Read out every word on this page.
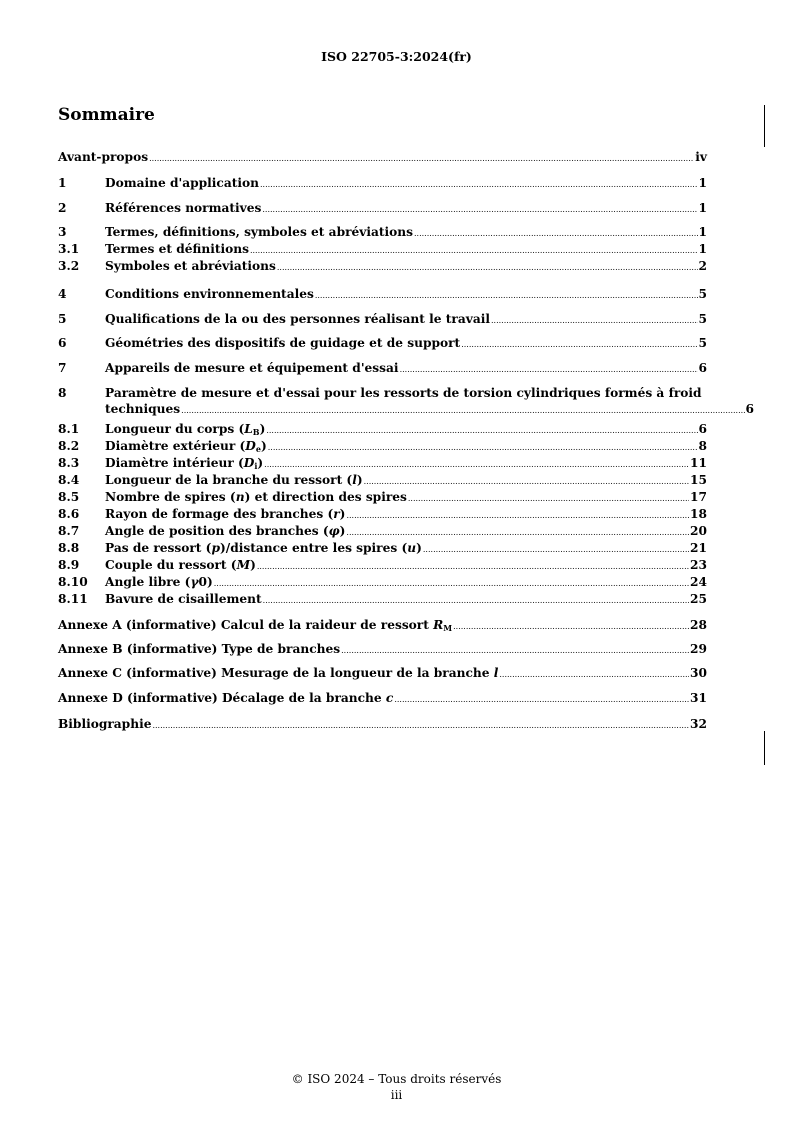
ISO 22705-3:2024(fr)
Sommaire
Avant-propos .....	iv
1	Domaine d'application .....	1
2	Références normatives .....	1
3	Termes, définitions, symboles et abréviations .....	1
3.1	Termes et définitions .....	1
3.2	Symboles et abréviations .....	2
4	Conditions environnementales .....	5
5	Qualifications de la ou des personnes réalisant le travail .....	5
6	Géométries des dispositifs de guidage et de support .....	5
7	Appareils de mesure et équipement d'essai .....	6
8	Paramètre de mesure et d'essai pour les ressorts de torsion cylindriques formés à froid
techniques .....	6
8.1	Longueur du corps $(L_B)$ .....	6
8.2	Diamètre extérieur $(D_e)$ .....	8
8.3	Diamètre intérieur $(D_i)$ .....	11
8.4	Longueur de la branche du ressort (l) .....	15
8.5	Nombre de spires (n) et direction des spires .....	17
8.6	Rayon de formage des branches (r) .....	18
8.7	Angle de position des branches (φ) .....	20
8.8	Pas de ressort (p)/distance entre les spires (u) .....	21
8.9	Couple du ressort (M) .....	23
8.10	Angle libre (γ0) .....	24
8.11	Bavure de cisaillement .....	25
Annexe A (informative) Calcul de la raideur de ressort $R_M$ .....	28
Annexe B (informative) Type de branches .....	29
Annexe C (informative) Mesurage de la longueur de la branche l .....	30
Annexe D (informative) Décalage de la branche c .....	31
Bibliographie .....	32
© ISO 2024 – Tous droits réservés
iii
